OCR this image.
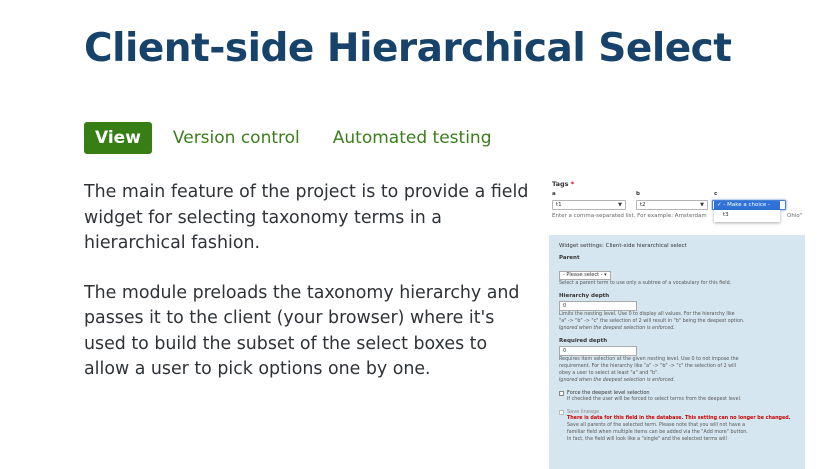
Client-side Hierarchical Select
View	Version control Automated testing

The main feature of the project is to provide a field widget for selecting taxonomy terms in a hierarchical fashion.

The module preloads the taxonomy hierarchy and passes it to the client (your browser) where it's used to build the subset of the select boxes to allow a user to pick options one by one.

Tags *
a	b	c
t1	▼	t2	▼	✓ - Make a choice -
t3
Enter a comma-separated list. For example: Amsterdam	Ohio"
Widget settings: Client-side hierarchical select
Parent
- Please select - ▾
Select a parent term to use only a subtree of a vocabulary for this field.
Hierarchy depth
0
Limits the nesting level. Use 0 to display all values. For the hierarchy like
"a" -> "b" -> "c" the selection of 2 will result in "b" being the deepest option.
Ignored when the deepest selection is enforced.
Required depth
0
Requires item selection at the given nesting level. Use 0 to not impose the
requirement. For the hierarchy like "a" -> "b" -> "c" the selection of 2 will
obey a user to select at least "a" and "b".
Ignored when the deepest selection is enforced.
Force the deepest level selection
If checked the user will be forced to select terms from the deepest level.
Save lineage
There is data for this field in the database. This setting can no longer be changed.
Save all parents of the selected term. Please note that you will not have a
familiar field when multiple items can be added via the "Add more" button.
In fact, the field will look like a "single" and the selected terms will
